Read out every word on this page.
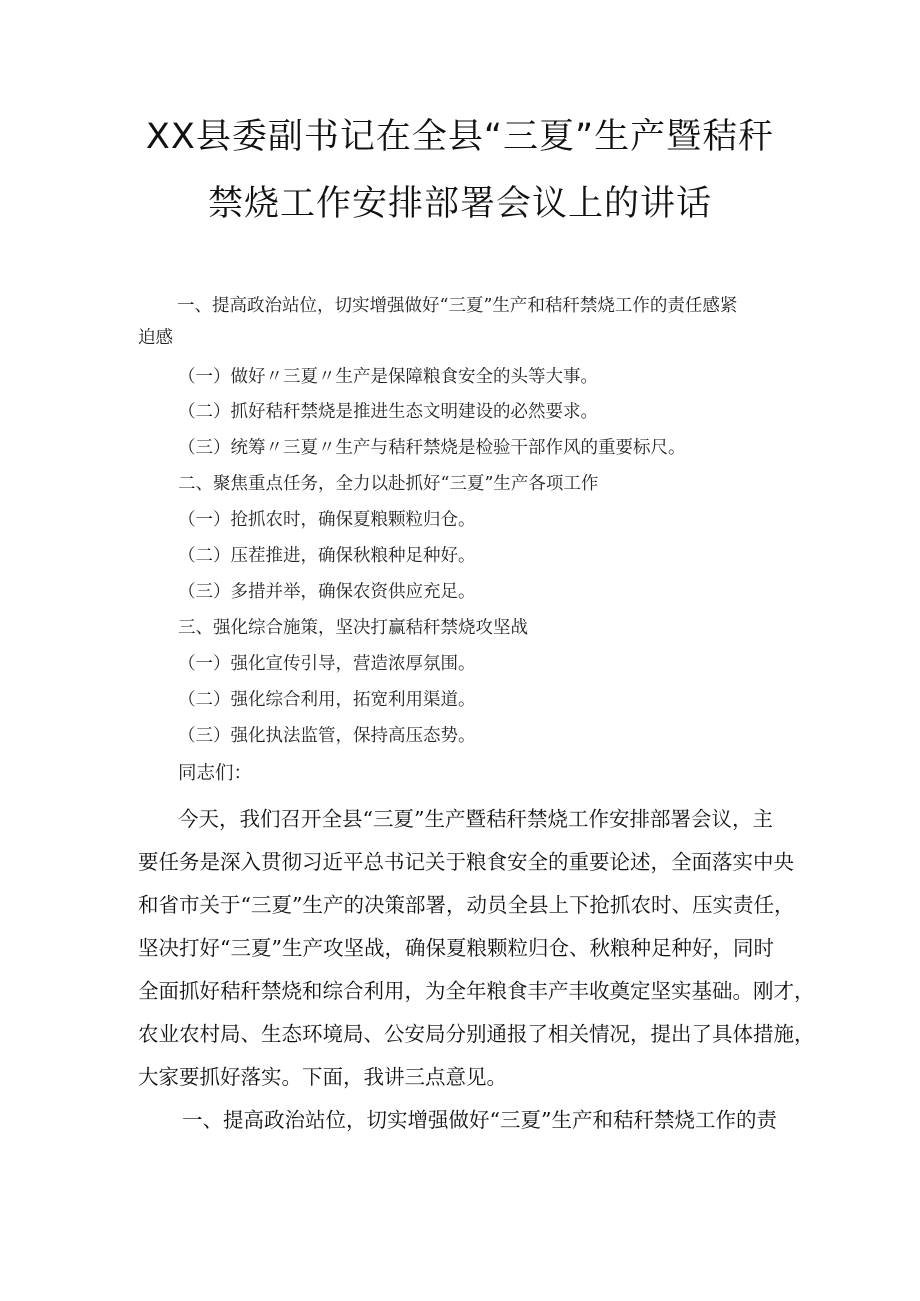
XX县委副书记在全县“三夏”生产暨秸秆
禁烧工作安排部署会议上的讲话
一、提高政治站位，切实增强做好“三夏”生产和秸秆禁烧工作的责任感紧
迫感
（一）做好〃三夏〃生产是保障粮食安全的头等大事。
（二）抓好秸秆禁烧是推进生态文明建设的必然要求。
（三）统筹〃三夏〃生产与秸秆禁烧是检验干部作风的重要标尺。
二、聚焦重点任务，全力以赴抓好“三夏”生产各项工作
（一）抢抓农时，确保夏粮颗粒归仓。
（二）压茬推进，确保秋粮种足种好。
（三）多措并举，确保农资供应充足。
三、强化综合施策，坚决打赢秸秆禁烧攻坚战
（一）强化宣传引导，营造浓厚氛围。
（二）强化综合利用，拓宽利用渠道。
（三）强化执法监管，保持高压态势。
同志们：
今天，我们召开全县“三夏”生产暨秸秆禁烧工作安排部署会议，主
要任务是深入贯彻习近平总书记关于粮食安全的重要论述，全面落实中央
和省市关于“三夏”生产的决策部署，动员全县上下抢抓农时、压实责任，
坚决打好“三夏”生产攻坚战，确保夏粮颗粒归仓、秋粮种足种好，同时
全面抓好秸秆禁烧和综合利用，为全年粮食丰产丰收奠定坚实基础。刚才，
农业农村局、生态环境局、公安局分别通报了相关情况，提出了具体措施，
大家要抓好落实。下面，我讲三点意见。
一、提高政治站位，切实增强做好“三夏”生产和秸秆禁烧工作的责
